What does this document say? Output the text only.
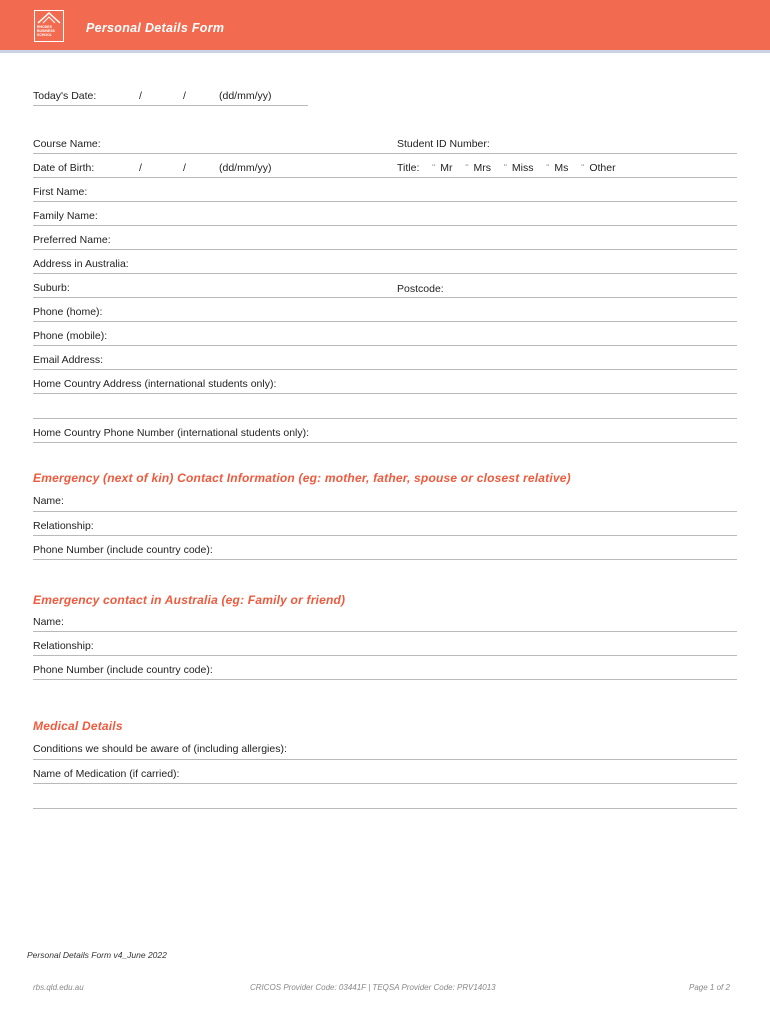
RHODES BUSINESS SCHOOL	Personal Details Form
Today's Date:	/	/	(dd/mm/yy)
Course Name:	Student ID Number:
Date of Birth:	/	/	(dd/mm/yy)	Title: ¨ Mr ¨ Mrs ¨ Miss ¨ Ms ¨ Other
First Name:
Family Name:
Preferred Name:
Address in Australia:
Suburb:	Postcode:
Phone (home):
Phone (mobile):
Email Address:
Home Country Address (international students only):
Home Country Phone Number (international students only):
Emergency (next of kin) Contact Information (eg: mother, father, spouse or closest relative)
Name:
Relationship:
Phone Number (include country code):
Emergency contact in Australia (eg: Family or friend)
Name:
Relationship:
Phone Number (include country code):
Medical Details
Conditions we should be aware of (including allergies):
Name of Medication (if carried):
Personal Details Form v4_June 2022
rbs.qld.edu.au	CRICOS Provider Code: 03441F | TEQSA Provider Code: PRV14013	Page 1 of 2
